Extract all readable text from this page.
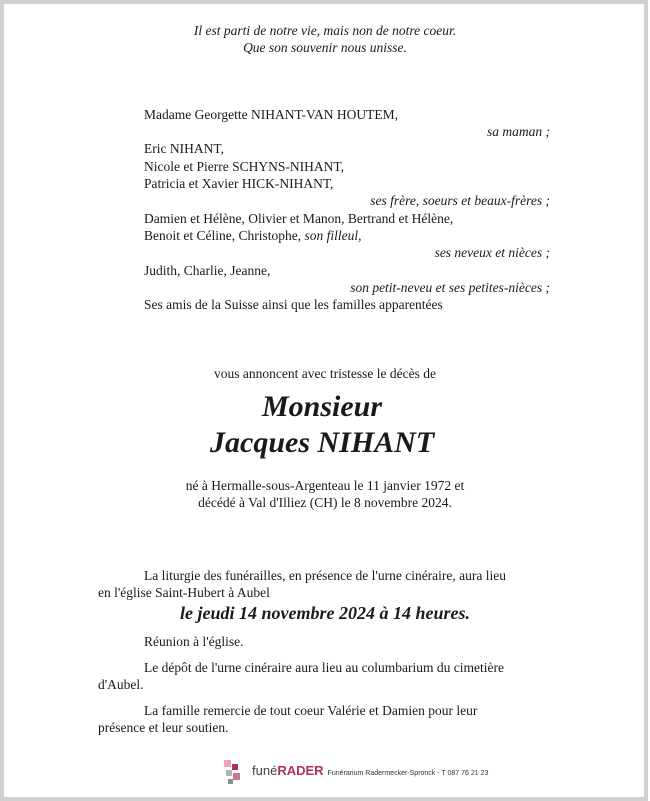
Il est parti de notre vie, mais non de notre coeur.
Que son souvenir nous unisse.
Madame Georgette NIHANT-VAN HOUTEM,
sa maman ;
Eric NIHANT,
Nicole et Pierre SCHYNS-NIHANT,
Patricia et Xavier HICK-NIHANT,
ses frère, soeurs et beaux-frères ;
Damien et Hélène, Olivier et Manon, Bertrand et Hélène,
Benoit et Céline, Christophe, son filleul,
ses neveux et nièces ;
Judith, Charlie, Jeanne,
son petit-neveu et ses petites-nièces ;
Ses amis de la Suisse ainsi que les familles apparentées
vous annoncent avec tristesse le décès de
Monsieur
Jacques NIHANT
né à Hermalle-sous-Argenteau le 11 janvier 1972 et
décédé à Val d'Illiez (CH) le 8 novembre 2024.
La liturgie des funérailles, en présence de l'urne cinéraire, aura lieu
en l'église Saint-Hubert à Aubel
le jeudi 14 novembre 2024 à 14 heures.
Réunion à l'église.
Le dépôt de l'urne cinéraire aura lieu au columbarium du cimetière
d'Aubel.
La famille remercie de tout coeur Valérie et Damien pour leur
présence et leur soutien.
funéRADER Funérarium Radermecker-Spronck - T 087 76 21 23
